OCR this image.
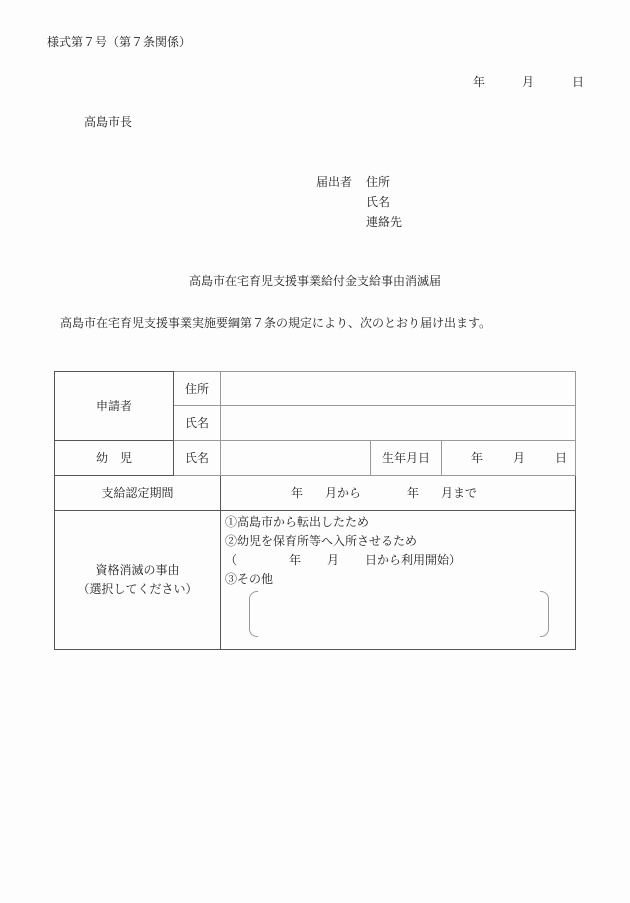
様式第７号（第７条関係）
年	月	日
高島市長
届出者 住所
氏名
連絡先
高島市在宅育児支援事業給付金支給事由消滅届
高島市在宅育児支援事業実施要綱第７条の規定により、次のとおり届け出ます。
申請者	住所			
	氏名			
幼　児	氏名		生年月日	年 月 日
支給認定期間		年 月から 年 月まで		

資格消滅の事由
（選択してください）

①高島市から転出したため
②幼児を保育所等へ入所させるため
（	年 月 日から利用開始）
③その他
